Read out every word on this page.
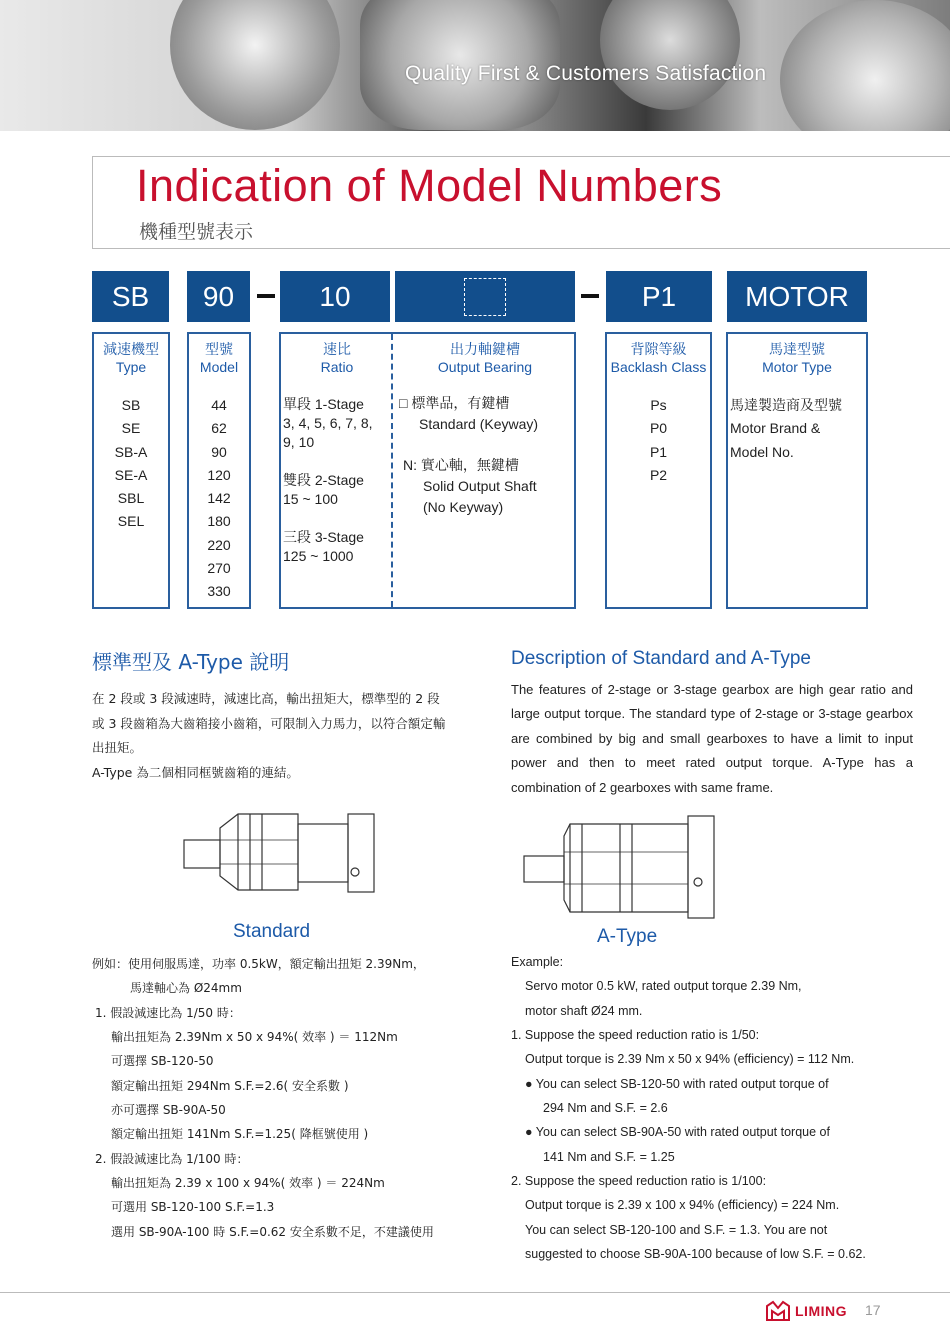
Quality First & Customers Satisfaction
Indication of Model Numbers
機種型號表示
SB	90	10	P1	MOTOR
減速機型
Type
SB
SE
SB-A
SE-A
SBL
SEL
型號
Model
44
62
90
120
142
180
220
270
330
速比
Ratio
出力軸鍵槽
Output Bearing
單段 1-Stage
3, 4, 5, 6, 7, 8,
9, 10
雙段 2-Stage
15 ~ 100
三段 3-Stage
125 ~ 1000
□ 標準品，有鍵槽
Standard (Keyway)
N: 實心軸，無鍵槽
Solid Output Shaft
(No Keyway)
背隙等級
Backlash Class
Ps
P0
P1
P2
馬達型號
Motor Type
馬達製造商及型號
Motor Brand &
Model No.
標準型及 A-Type 說明
在 2 段或 3 段減速時，減速比高，輸出扭矩大，標準型的 2 段
或 3 段齒箱為大齒箱接小齒箱，可限制入力馬力，以符合額定輸
出扭矩。
A-Type 為二個相同框號齒箱的連結。
Description of Standard and A-Type
The features of 2-stage or 3-stage gearbox are high gear ratio and large output torque. The standard type of 2-stage or 3-stage gearbox are combined by big and small gearboxes to have a limit to input power and then to meet rated output torque. A-Type has a combination of 2 gearboxes with same frame.
Standard	A-Type
例如：使用伺服馬達，功率 0.5kW，額定輸出扭矩 2.39Nm，
馬達軸心為 Ø24mm
1. 假設減速比為 1/50 時：
輸出扭矩為 2.39Nm x 50 x 94%( 效率 ) ＝ 112Nm
可選擇 SB-120-50
額定輸出扭矩 294Nm S.F.=2.6( 安全系數 )
亦可選擇 SB-90A-50
額定輸出扭矩 141Nm S.F.=1.25( 降框號使用 )
2. 假設減速比為 1/100 時：
輸出扭矩為 2.39 x 100 x 94%( 效率 ) ＝ 224Nm
可選用 SB-120-100 S.F.=1.3
選用 SB-90A-100 時 S.F.=0.62 安全系數不足，不建議使用
Example:
Servo motor 0.5 kW, rated output torque 2.39 Nm,
motor shaft Ø24 mm.
1. Suppose the speed reduction ratio is 1/50:
Output torque is 2.39 Nm x 50 x 94% (efficiency) = 112 Nm.
● You can select SB-120-50 with rated output torque of
294 Nm and S.F. = 2.6
● You can select SB-90A-50 with rated output torque of
141 Nm and S.F. = 1.25
2. Suppose the speed reduction ratio is 1/100:
Output torque is 2.39 x 100 x 94% (efficiency) = 224 Nm.
You can select SB-120-100 and S.F. = 1.3. You are not
suggested to choose SB-90A-100 because of low S.F. = 0.62.
LIMING 17
